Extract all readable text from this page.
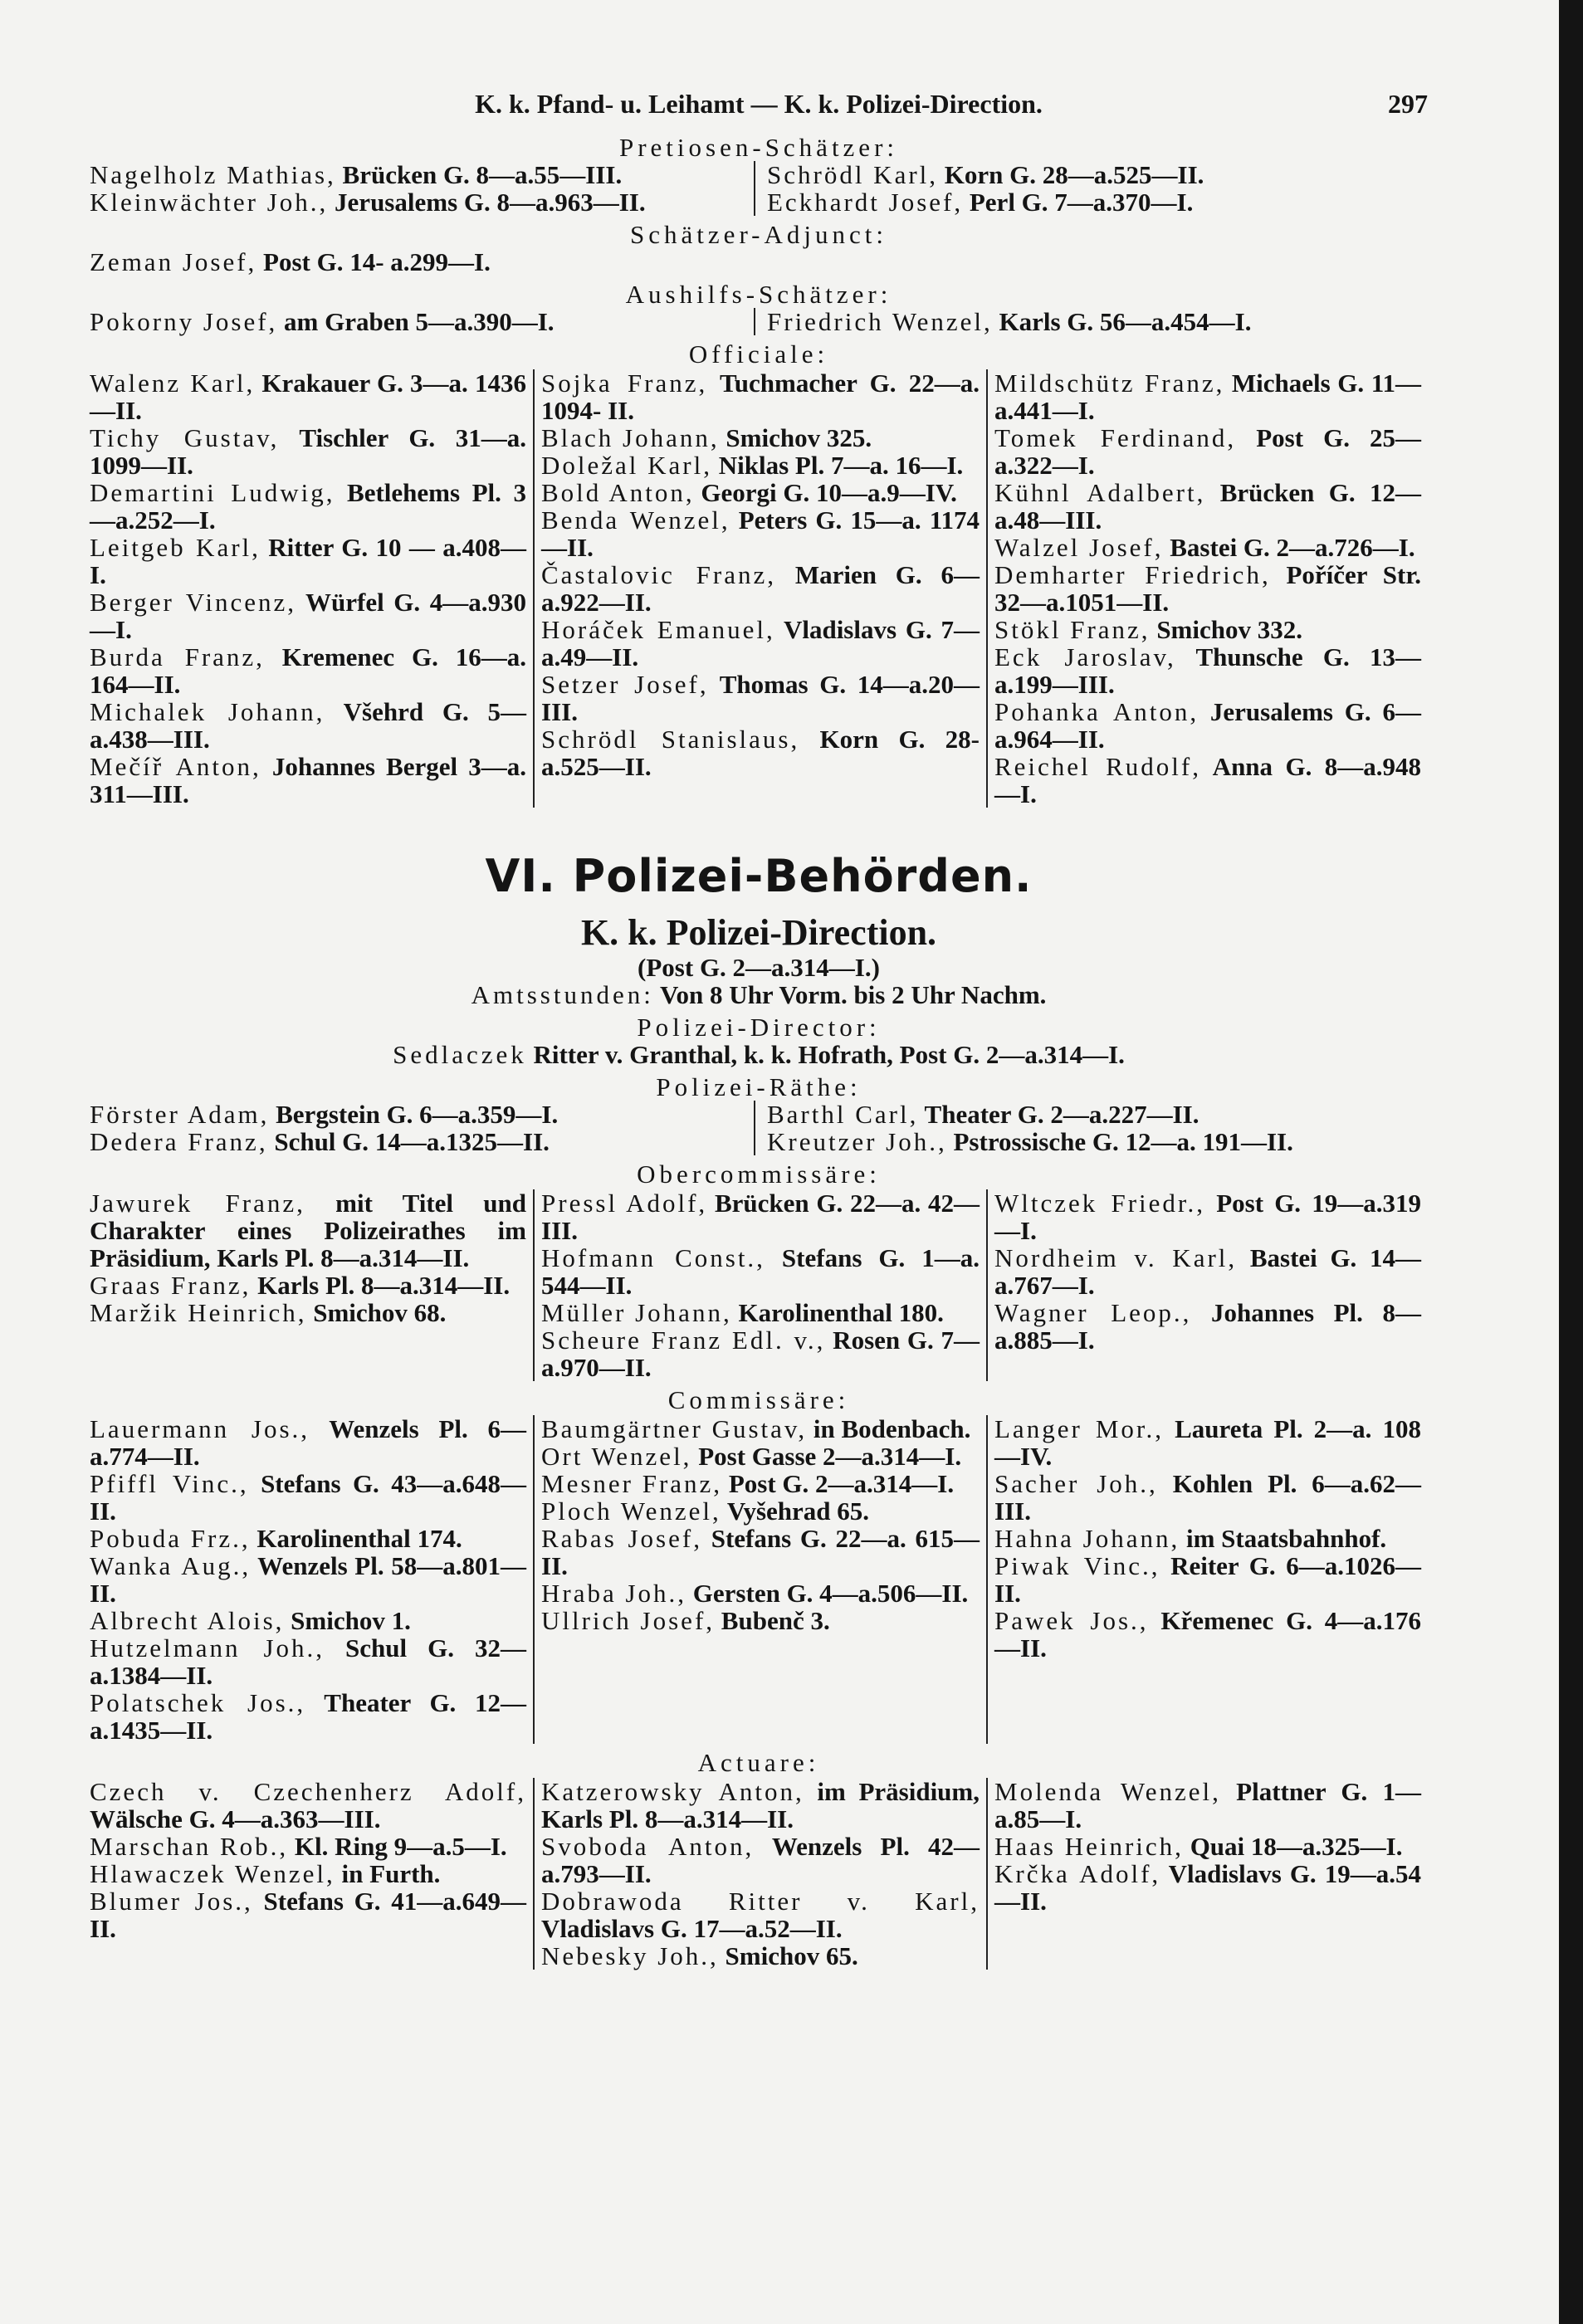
K. k. Pfand- u. Leihamt — K. k. Polizei-Direction.	297
Pretiosen-Schätzer:
Nagelholz Mathias, Brücken G. 8—a.55—III.
Kleinwächter Joh., Jerusalems G. 8—a.963—II.
Schrödl Karl, Korn G. 28—a.525—II.
Eckhardt Josef, Perl G. 7—a.370—I.
Schätzer-Adjunct:
Zeman Josef, Post G. 14- a.299—I.
Aushilfs-Schätzer:
Pokorny Josef, am Graben 5—a.390—I.	Friedrich Wenzel, Karls G. 56—a.454—I.
Officiale:
Walenz Karl, Krakauer G. 3—a. 1436—II.
Tichy Gustav, Tischler G. 31—a. 1099—II.
Demartini Ludwig, Betlehems Pl. 3—a.252—I.
Leitgeb Karl, Ritter G. 10 — a.408—I.
Berger Vincenz, Würfel G. 4—a.930—I.
Burda Franz, Kremenec G. 16—a. 164—II.
Michalek Johann, Všehrd G. 5—a.438—III.
Mečíř Anton, Johannes Bergel 3—a. 311—III.
Sojka Franz, Tuchmacher G. 22—a. 1094- II.
Blach Johann, Smichov 325.
Doležal Karl, Niklas Pl. 7—a. 16—I.
Bold Anton, Georgi G. 10—a.9—IV.
Benda Wenzel, Peters G. 15—a. 1174—II.
Častalovic Franz, Marien G. 6—a.922—II.
Horáček Emanuel, Vladislavs G. 7—a.49—II.
Setzer Josef, Thomas G. 14—a.20—III.
Schrödl Stanislaus, Korn G. 28-a.525—II.
Mildschütz Franz, Michaels G. 11—a.441—I.
Tomek Ferdinand, Post G. 25—a.322—I.
Kühnl Adalbert, Brücken G. 12—a.48—III.
Walzel Josef, Bastei G. 2—a.726—I.
Demharter Friedrich, Poříčer Str. 32—a.1051—II.
Stökl Franz, Smichov 332.
Eck Jaroslav, Thunsche G. 13—a.199—III.
Pohanka Anton, Jerusalems G. 6—a.964—II.
Reichel Rudolf, Anna G. 8—a.948—I.
VI. Polizei-Behörden.
K. k. Polizei-Direction.
(Post G. 2—a.314—I.)
Amtsstunden: Von 8 Uhr Vorm. bis 2 Uhr Nachm.
Polizei-Director:
Sedlaczek Ritter v. Granthal, k. k. Hofrath, Post G. 2—a.314—I.
Polizei-Räthe:
Förster Adam, Bergstein G. 6—a.359—I.
Dedera Franz, Schul G. 14—a.1325—II.
Barthl Carl, Theater G. 2—a.227—II.
Kreutzer Joh., Pstrossische G. 12—a. 191—II.
Obercommissäre:
Jawurek Franz, mit Titel und Charakter eines Polizeirathes im Präsidium, Karls Pl. 8—a.314—II.
Graas Franz, Karls Pl. 8—a.314—II.
Maržik Heinrich, Smichov 68.
Pressl Adolf, Brücken G. 22—a. 42—III.
Hofmann Const., Stefans G. 1—a. 544—II.
Müller Johann, Karolinenthal 180.
Scheure Franz Edl. v., Rosen G. 7—a.970—II.
Wltczek Friedr., Post G. 19—a.319—I.
Nordheim v. Karl, Bastei G. 14—a.767—I.
Wagner Leop., Johannes Pl. 8—a.885—I.
Commissäre:
Lauermann Jos., Wenzels Pl. 6—a.774—II.
Pfiffl Vinc., Stefans G. 43—a.648—II.
Pobuda Frz., Karolinenthal 174.
Wanka Aug., Wenzels Pl. 58—a.801—II.
Albrecht Alois, Smichov 1.
Hutzelmann Joh., Schul G. 32—a.1384—II.
Polatschek Jos., Theater G. 12—a.1435—II.
Baumgärtner Gustav, in Bodenbach.
Ort Wenzel, Post Gasse 2—a.314—I.
Mesner Franz, Post G. 2—a.314—I.
Ploch Wenzel, Vyšehrad 65.
Rabas Josef, Stefans G. 22—a. 615—II.
Hraba Joh., Gersten G. 4—a.506—II.
Ullrich Josef, Bubenč 3.
Langer Mor., Laureta Pl. 2—a. 108—IV.
Sacher Joh., Kohlen Pl. 6—a.62—III.
Hahna Johann, im Staatsbahnhof.
Piwak Vinc., Reiter G. 6—a.1026—II.
Pawek Jos., Křemenec G. 4—a.176—II.
Actuare:
Czech v. Czechenherz Adolf, Wälsche G. 4—a.363—III.
Marschan Rob., Kl. Ring 9—a.5—I.
Hlawaczek Wenzel, in Furth.
Blumer Jos., Stefans G. 41—a.649—II.
Katzerowsky Anton, im Präsidium, Karls Pl. 8—a.314—II.
Svoboda Anton, Wenzels Pl. 42—a.793—II.
Dobrawoda Ritter v. Karl, Vladislavs G. 17—a.52—II.
Nebesky Joh., Smichov 65.
Molenda Wenzel, Plattner G. 1—a.85—I.
Haas Heinrich, Quai 18—a.325—I.
Krčka Adolf, Vladislavs G. 19—a.54—II.
